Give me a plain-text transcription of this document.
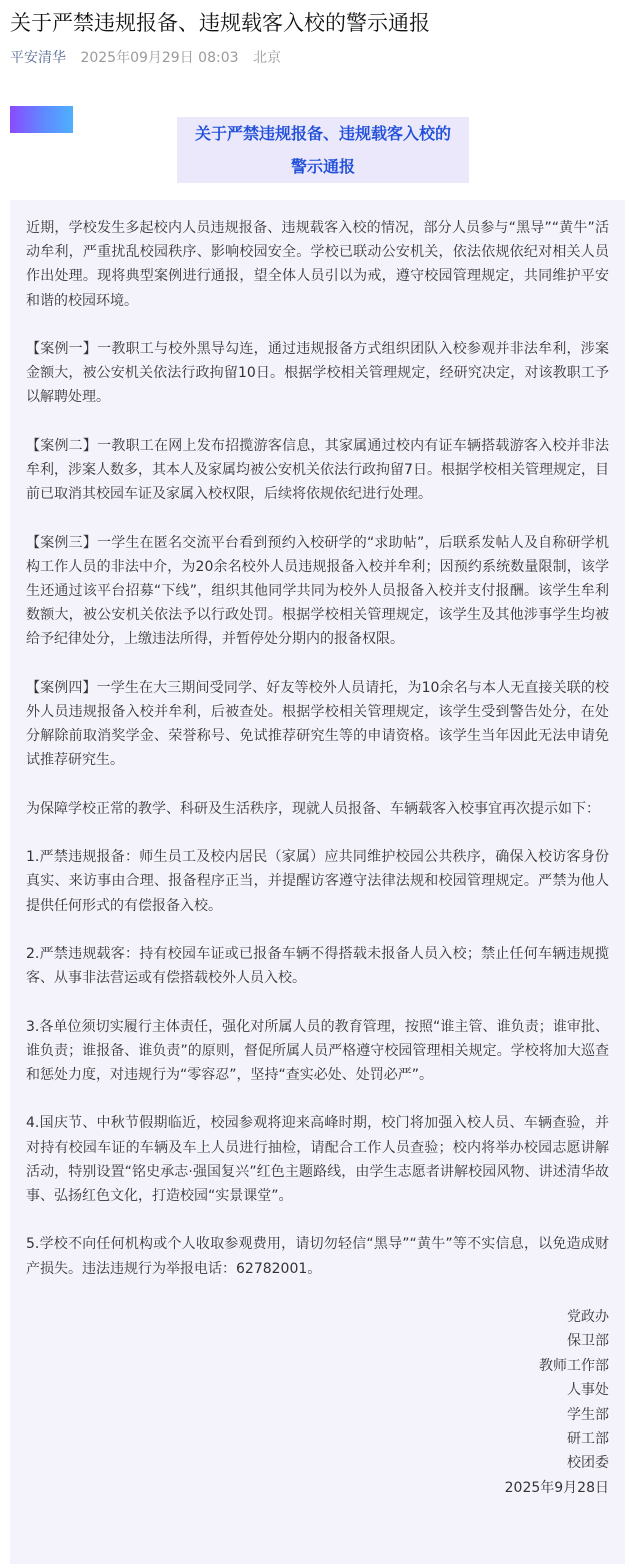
关于严禁违规报备、违规载客入校的警示通报
平安清华 2025年09月29日 08:03 北京
关于严禁违规报备、违规载客入校的
警示通报

近期，学校发生多起校内人员违规报备、违规载客入校的情况，部分人员参与“黑导”“黄牛”活动牟利，严重扰乱校园秩序、影响校园安全。学校已联动公安机关，依法依规依纪对相关人员作出处理。现将典型案例进行通报，望全体人员引以为戒，遵守校园管理规定，共同维护平安和谐的校园环境。

【案例一】一教职工与校外黑导勾连，通过违规报备方式组织团队入校参观并非法牟利，涉案金额大，被公安机关依法行政拘留10日。根据学校相关管理规定，经研究决定，对该教职工予以解聘处理。

【案例二】一教职工在网上发布招揽游客信息，其家属通过校内有证车辆搭载游客入校并非法牟利，涉案人数多，其本人及家属均被公安机关依法行政拘留7日。根据学校相关管理规定，目前已取消其校园车证及家属入校权限，后续将依规依纪进行处理。

【案例三】一学生在匿名交流平台看到预约入校研学的“求助帖”，后联系发帖人及自称研学机构工作人员的非法中介，为20余名校外人员违规报备入校并牟利；因预约系统数量限制，该学生还通过该平台招募“下线”，组织其他同学共同为校外人员报备入校并支付报酬。该学生牟利数额大，被公安机关依法予以行政处罚。根据学校相关管理规定，该学生及其他涉事学生均被给予纪律处分，上缴违法所得，并暂停处分期内的报备权限。

【案例四】一学生在大三期间受同学、好友等校外人员请托，为10余名与本人无直接关联的校外人员违规报备入校并牟利，后被查处。根据学校相关管理规定，该学生受到警告处分，在处分解除前取消奖学金、荣誉称号、免试推荐研究生等的申请资格。该学生当年因此无法申请免试推荐研究生。

为保障学校正常的教学、科研及生活秩序，现就人员报备、车辆载客入校事宜再次提示如下：

1.严禁违规报备：师生员工及校内居民（家属）应共同维护校园公共秩序，确保入校访客身份真实、来访事由合理、报备程序正当，并提醒访客遵守法律法规和校园管理规定。严禁为他人提供任何形式的有偿报备入校。

2.严禁违规载客：持有校园车证或已报备车辆不得搭载未报备人员入校；禁止任何车辆违规揽客、从事非法营运或有偿搭载校外人员入校。

3.各单位须切实履行主体责任，强化对所属人员的教育管理，按照“谁主管、谁负责；谁审批、谁负责；谁报备、谁负责”的原则，督促所属人员严格遵守校园管理相关规定。学校将加大巡查和惩处力度，对违规行为“零容忍”，坚持“查实必处、处罚必严”。

4.国庆节、中秋节假期临近，校园参观将迎来高峰时期，校门将加强入校人员、车辆查验，并对持有校园车证的车辆及车上人员进行抽检，请配合工作人员查验；校内将举办校园志愿讲解活动，特别设置“铭史承志·强国复兴”红色主题路线，由学生志愿者讲解校园风物、讲述清华故事、弘扬红色文化，打造校园“实景课堂”。

5.学校不向任何机构或个人收取参观费用，请切勿轻信“黑导”“黄牛”等不实信息，以免造成财产损失。违法违规行为举报电话：62782001。

党政办
保卫部
教师工作部
人事处
学生部
研工部
校团委
2025年9月28日
